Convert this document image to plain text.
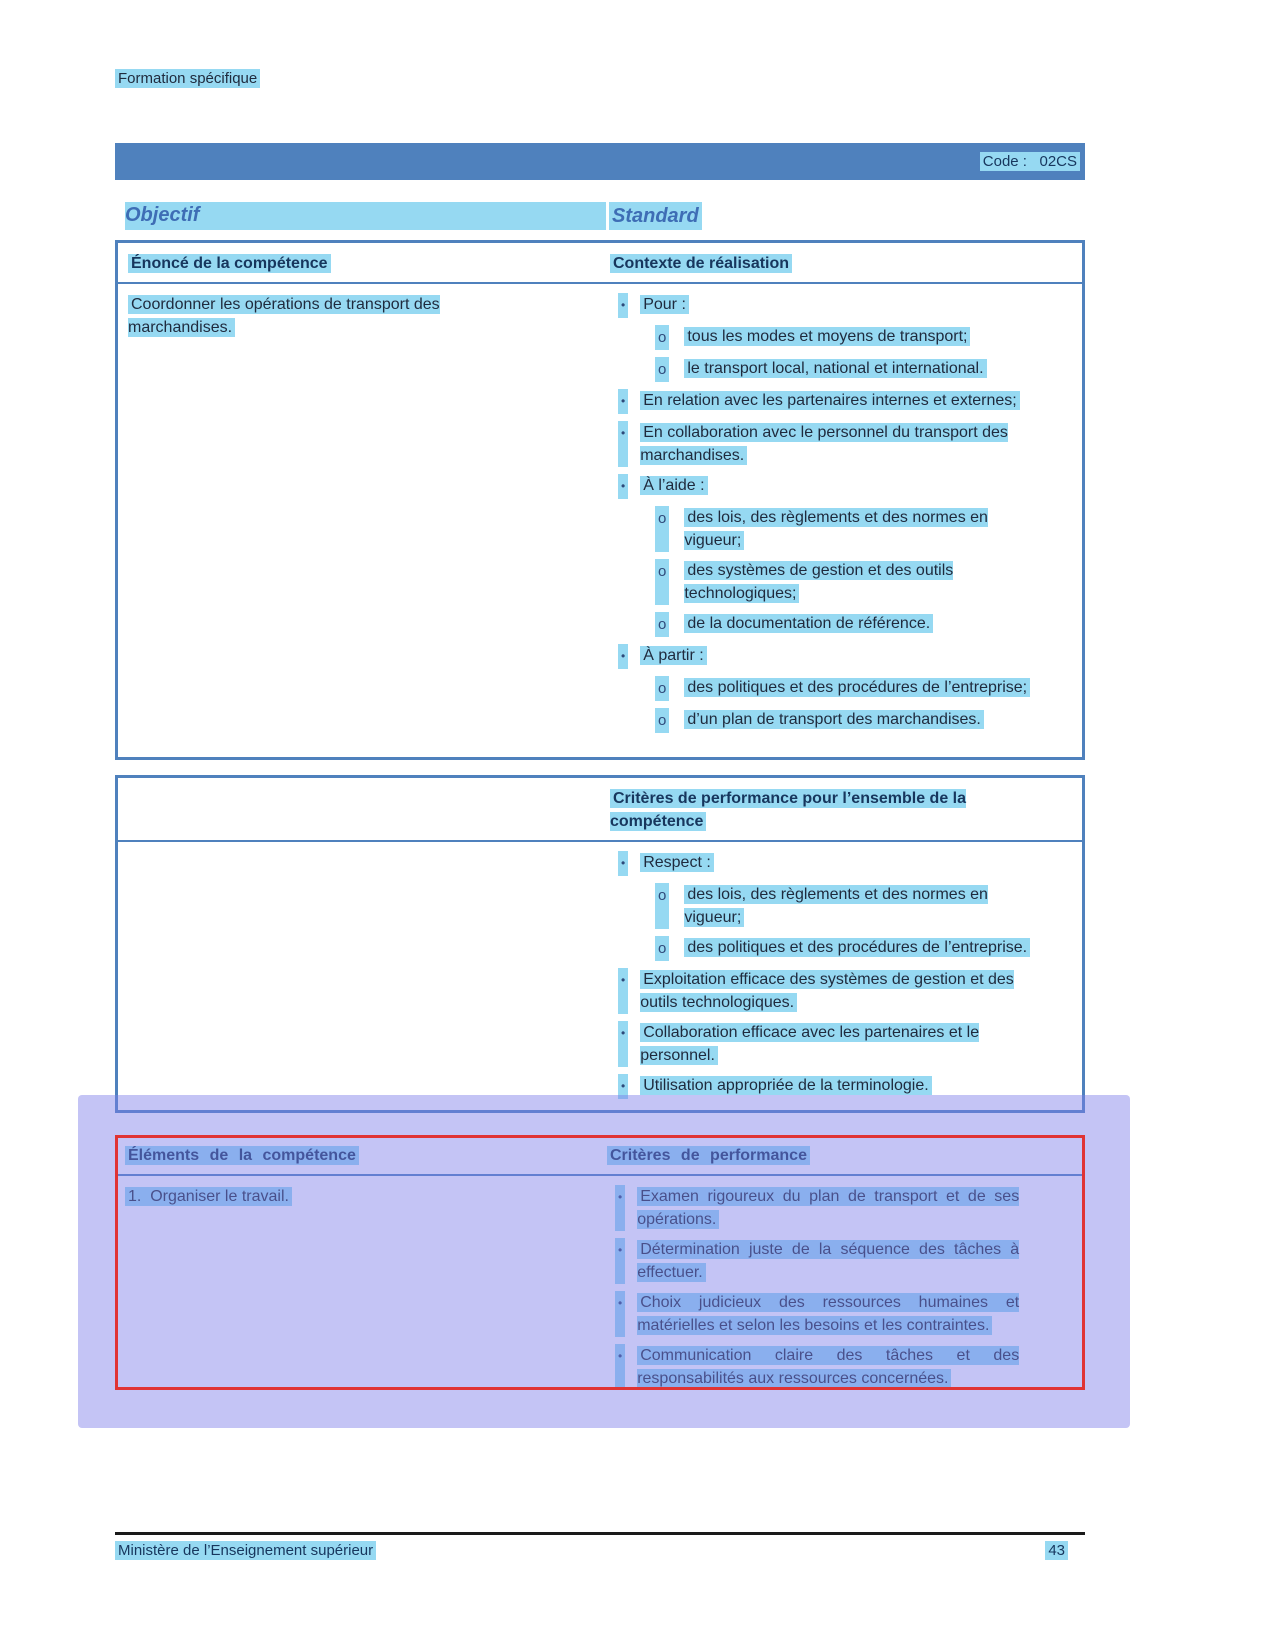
Formation spécifique
Code :   02CS
Objectif	Standard
Énoncé de la compétence	Contexte de réalisation
Coordonner les opérations de transport des marchandises.
• Pour :
o tous les modes et moyens de transport;
o le transport local, national et international.
• En relation avec les partenaires internes et externes;
• En collaboration avec le personnel du transport des marchandises.
• À l’aide :
o des lois, des règlements et des normes en vigueur;
o des systèmes de gestion et des outils technologiques;
o de la documentation de référence.
• À partir :
o des politiques et des procédures de l’entreprise;
o d’un plan de transport des marchandises.
Critères de performance pour l’ensemble de la compétence
• Respect :
o des lois, des règlements et des normes en vigueur;
o des politiques et des procédures de l’entreprise.
• Exploitation efficace des systèmes de gestion et des outils technologiques.
• Collaboration efficace avec les partenaires et le personnel.
• Utilisation appropriée de la terminologie.
Éléments de la compétence	Critères de performance
1.  Organiser le travail.	• Examen rigoureux du plan de transport et de ses opérations.
• Détermination juste de la séquence des tâches à effectuer.
• Choix judicieux des ressources humaines et matérielles et selon les besoins et les contraintes.
• Communication claire des tâches et des responsabilités aux ressources concernées.
Ministère de l’Enseignement supérieur	43
